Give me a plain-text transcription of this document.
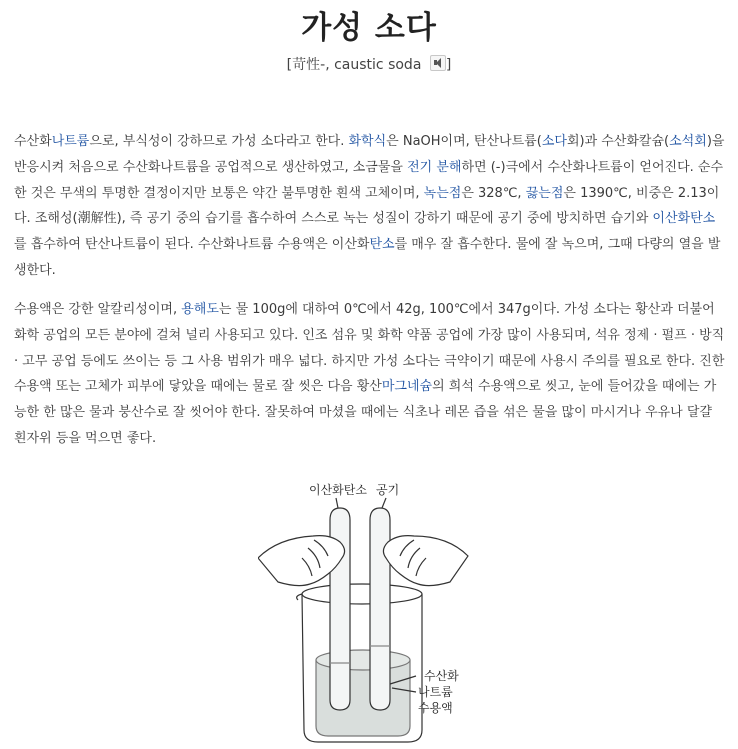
가성 소다
[苛性-, caustic soda ]

수산화나트륨으로, 부식성이 강하므로 가성 소다라고 한다. 화학식은 NaOH이며, 탄산나트륨(소다회)과 수산화칼슘(소석회)을 반응시켜 처음으로 수산화나트륨을 공업적으로 생산하였고, 소금물을 전기 분해하면 (-)극에서 수산화나트륨이 얻어진다. 순수한 것은 무색의 투명한 결정이지만 보통은 약간 불투명한 흰색 고체이며, 녹는점은 328℃, 끓는점은 1390℃, 비중은 2.13이다. 조해성(潮解性), 즉 공기 중의 습기를 흡수하여 스스로 녹는 성질이 강하기 때문에 공기 중에 방치하면 습기와 이산화탄소를 흡수하여 탄산나트륨이 된다. 수산화나트륨 수용액은 이산화탄소를 매우 잘 흡수한다. 물에 잘 녹으며, 그때 다량의 열을 발생한다.

수용액은 강한 알칼리성이며, 용해도는 물 100g에 대하여 0℃에서 42g, 100℃에서 347g이다. 가성 소다는 황산과 더불어 화학 공업의 모든 분야에 걸쳐 널리 사용되고 있다. 인조 섬유 및 화학 약품 공업에 가장 많이 사용되며, 석유 정제 · 펄프 · 방직 · 고무 공업 등에도 쓰이는 등 그 사용 범위가 매우 넓다. 하지만 가성 소다는 극약이기 때문에 사용시 주의를 필요로 한다. 진한 수용액 또는 고체가 피부에 닿았을 때에는 물로 잘 씻은 다음 황산마그네슘의 희석 수용액으로 씻고, 눈에 들어갔을 때에는 가능한 한 많은 물과 붕산수로 잘 씻어야 한다. 잘못하여 마셨을 때에는 식초나 레몬 즙을 섞은 물을 많이 마시거나 우유나 달걀 흰자위 등을 먹으면 좋다.

이산화탄소 공기
수산화
나트륨
수용액
